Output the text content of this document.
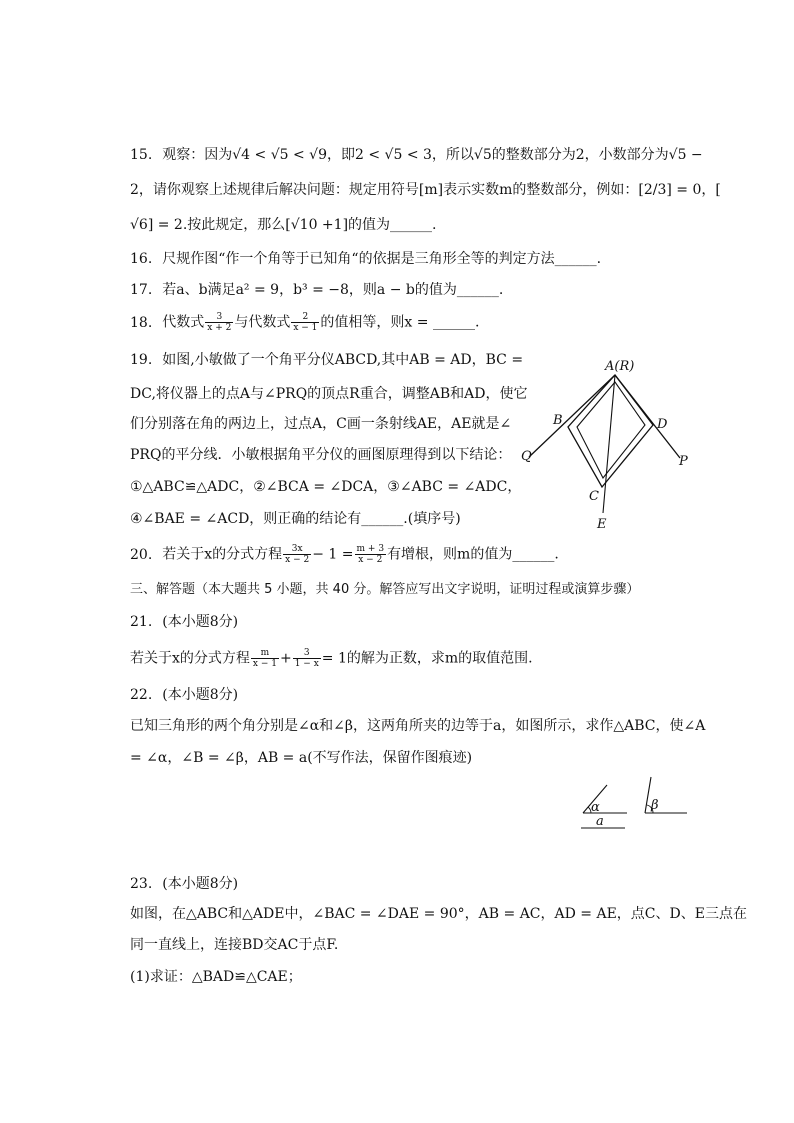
15. 观察：因为√4 < √5 < √9，即2 < √5 < 3，所以√5的整数部分为2，小数部分为√5 −
2，请你观察上述规律后解决问题：规定用符号[m]表示实数m的整数部分，例如：[2/3] = 0，[
√6] = 2.按此规定，那么[√10 +1]的值为______.
16. 尺规作图“作一个角等于已知角“的依据是三角形全等的判定方法______.
17. 若a、b满足a² = 9，b³ = −8，则a − b的值为______.
18. 代数式 $\frac{3}{x + 2}$ 与代数式 $\frac{2}{x - 1}$ 的值相等，则x = ______.
19. 如图,小敏做了一个角平分仪ABCD,其中AB = AD，BC =
DC,将仪器上的点A与∠PRQ的顶点R重合，调整AB和AD，使它
们分别落在角的两边上，过点A，C画一条射线AE，AE就是∠
PRQ的平分线．小敏根据角平分仪的画图原理得到以下结论：
①△ABC≌△ADC，②∠BCA = ∠DCA，③∠ABC = ∠ADC，
④∠BAE = ∠ACD，则正确的结论有______.(填序号)
A(R)
B	D
Q	P
C
E
20. 若关于x的分式方程 $\frac{3x}{x - 2} - 1 = \frac{m + 3}{x - 2}$ 有增根，则m的值为______.
三、解答题（本大题共 5 小题，共 40 分。解答应写出文字说明，证明过程或演算步骤）
21. (本小题8分)
若关于x的分式方程 $\frac{m}{x - 1} + \frac{3}{1 - x} = 1$的解为正数，求m的取值范围.
22. (本小题8分)
已知三角形的两个角分别是∠α和∠β，这两角所夹的边等于a，如图所示，求作△ABC，使∠A
= ∠α，∠B = ∠β，AB = a(不写作法，保留作图痕迹)
α
a
β
23. (本小题8分)
如图，在△ABC和△ADE中，∠BAC = ∠DAE = 90°，AB = AC，AD = AE，点C、D、E三点在
同一直线上，连接BD交AC于点F.
(1)求证：△BAD≌△CAE；
